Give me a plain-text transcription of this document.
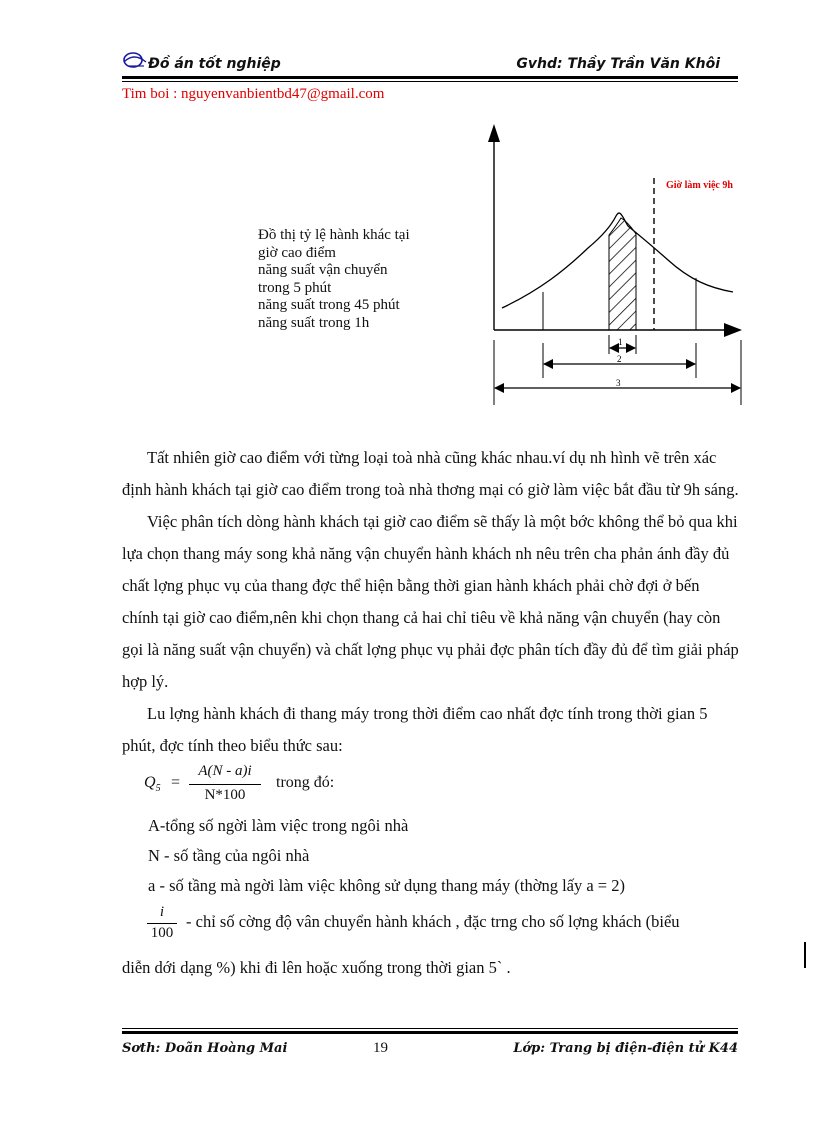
Đồ án tốt nghiệp	Gvhd: Thầy Trần Văn Khôi
Tim boi : nguyenvanbientbd47@gmail.com
Đồ thị tỷ lệ hành khác tại
giờ cao điểm
năng suất vận chuyển
trong 5 phút
năng suất trong 45 phút
năng suất trong 1h
Giờ làm việc 9h
1
2
3

Tất nhiên giờ cao điểm với từng loại toà nhà cũng khác nhau.ví dụ nh hình vẽ trên xác định hành khách tại giờ cao điểm trong toà nhà thơng mại có giờ làm việc bắt đầu từ 9h sáng.

Việc phân tích dòng hành khách tại giờ cao điểm sẽ thấy là một bớc không thể bỏ qua khi lựa chọn thang máy song khả năng vận chuyển hành khách nh nêu trên cha phản ánh đầy đủ chất lợng phục vụ của thang đợc thể hiện bằng thời gian hành khách phải chờ đợi ở bến chính tại giờ cao điểm,nên khi chọn thang cả hai chỉ tiêu về khả năng vận chuyển (hay còn gọi là năng suất vận chuyển) và chất lợng phục vụ phải đợc phân tích đầy đủ để tìm giải pháp hợp lý.

Lu lợng hành khách đi thang máy trong thời điểm cao nhất đợc tính trong thời gian 5 phút, đợc tính theo biểu thức sau:

$Q_5$ =
A(N - a)i
N*100
trong đó:
A-tổng số ngời làm việc trong ngôi nhà
N - số tầng của ngôi nhà
a - số tầng mà ngời làm việc không sử dụng thang máy (thờng lấy a = 2)
i
100
- chỉ số cờng độ vân chuyển hành khách , đặc trng cho số lợng khách (biểu
diễn dới dạng %) khi đi lên hoặc xuống trong thời gian 5` .
Sơth: Doãn Hoàng Mai	19	Lớp: Trang bị điện-điện tử K44
